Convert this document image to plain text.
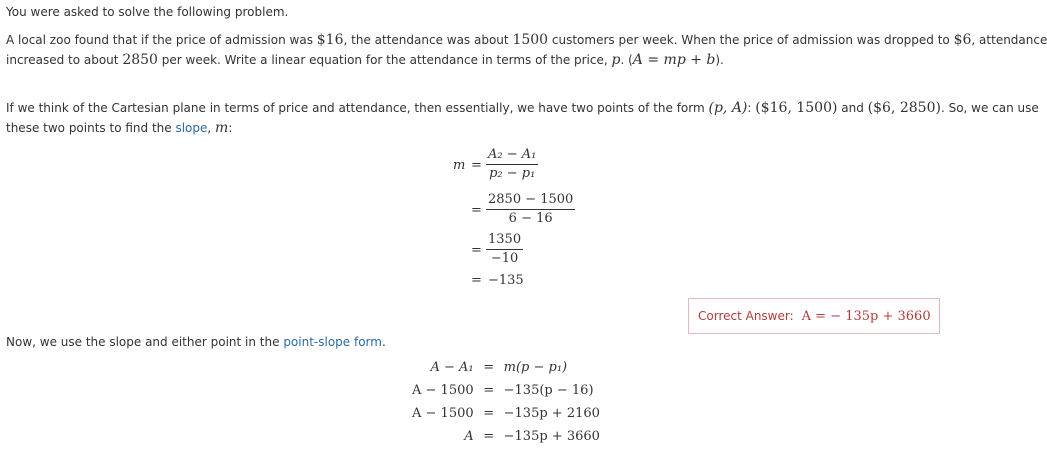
You were asked to solve the following problem.
A local zoo found that if the price of admission was $16, the attendance was about 1500 customers per week. When the price of admission was dropped to $6, attendance
increased to about 2850 per week. Write a linear equation for the attendance in terms of the price, p. (A = mp + b).
If we think of the Cartesian plane in terms of price and attendance, then essentially, we have two points of the form (p, A): ($16, 1500) and ($6, 2850). So, we can use
these two points to find the slope, m:
$m = \frac{\text{A₂ − A₁}}{\text{p₂ − p₁}}$
= $\frac{2850 - 1500}{6 - 16}$
= $\frac{1350}{-10}$
= −135
Correct Answer: A = − 135p + 3660
Now, we use the slope and either point in the point-slope form.
A − A₁	=	m(p − p₁)
A − 1500	=	−135(p − 16)
A − 1500	=	−135p + 2160
A	=	−135p + 3660
